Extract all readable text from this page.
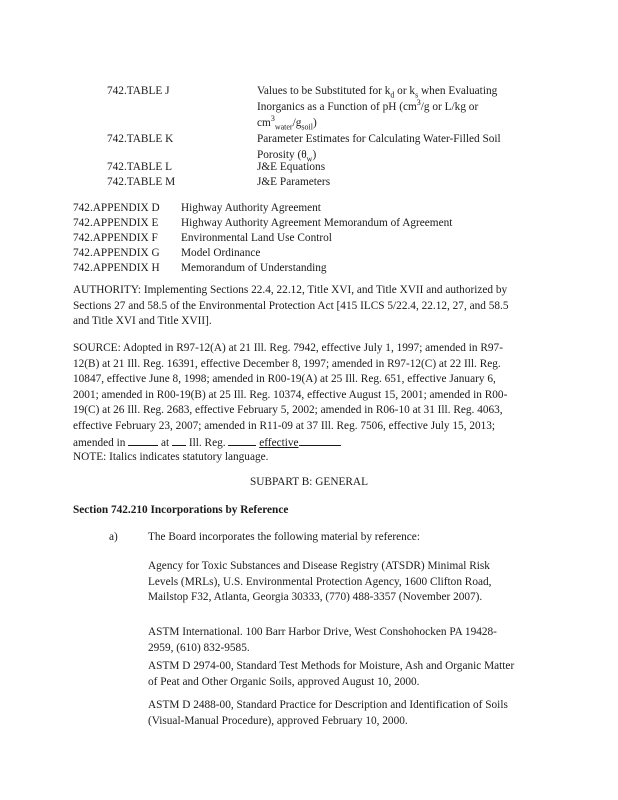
742.TABLE J	Values to be Substituted for $k_d$ or $k_s$ when Evaluating
Inorganics as a Function of pH ($cm^3/g$ or L/kg or
$cm^3_{water}/g_{soil}$)
742.TABLE K	Parameter Estimates for Calculating Water-Filled Soil
Porosity $(\theta_w)$
742.TABLE L	J&E Equations
742.TABLE M	J&E Parameters
742.APPENDIX D Highway Authority Agreement
742.APPENDIX E Highway Authority Agreement Memorandum of Agreement
742.APPENDIX F Environmental Land Use Control
742.APPENDIX G Model Ordinance
742.APPENDIX H Memorandum of Understanding
AUTHORITY: Implementing Sections 22.4, 22.12, Title XVI, and Title XVII and authorized by
Sections 27 and 58.5 of the Environmental Protection Act [415 ILCS 5/22.4, 22.12, 27, and 58.5
and Title XVI and Title XVII].
SOURCE: Adopted in R97-12(A) at 21 Ill. Reg. 7942, effective July 1, 1997; amended in R97-
12(B) at 21 Ill. Reg. 16391, effective December 8, 1997; amended in R97-12(C) at 22 Ill. Reg.
10847, effective June 8, 1998; amended in R00-19(A) at 25 Ill. Reg. 651, effective January 6,
2001; amended in R00-19(B) at 25 Ill. Reg. 10374, effective August 15, 2001; amended in R00-
19(C) at 26 Ill. Reg. 2683, effective February 5, 2002; amended in R06-10 at 31 Ill. Reg. 4063,
effective February 23, 2007; amended in R11-09 at 37 Ill. Reg. 7506, effective July 15, 2013;
amended in	at Ill. Reg.	effective
NOTE: Italics indicates statutory language.
SUBPART B: GENERAL
Section 742.210 Incorporations by Reference
a)	The Board incorporates the following material by reference:
Agency for Toxic Substances and Disease Registry (ATSDR) Minimal Risk
Levels (MRLs), U.S. Environmental Protection Agency, 1600 Clifton Road,
Mailstop F32, Atlanta, Georgia 30333, (770) 488-3357 (November 2007).
ASTM International. 100 Barr Harbor Drive, West Conshohocken PA 19428-
2959, (610) 832-9585.
ASTM D 2974-00, Standard Test Methods for Moisture, Ash and Organic Matter
of Peat and Other Organic Soils, approved August 10, 2000.
ASTM D 2488-00, Standard Practice for Description and Identification of Soils
(Visual-Manual Procedure), approved February 10, 2000.
